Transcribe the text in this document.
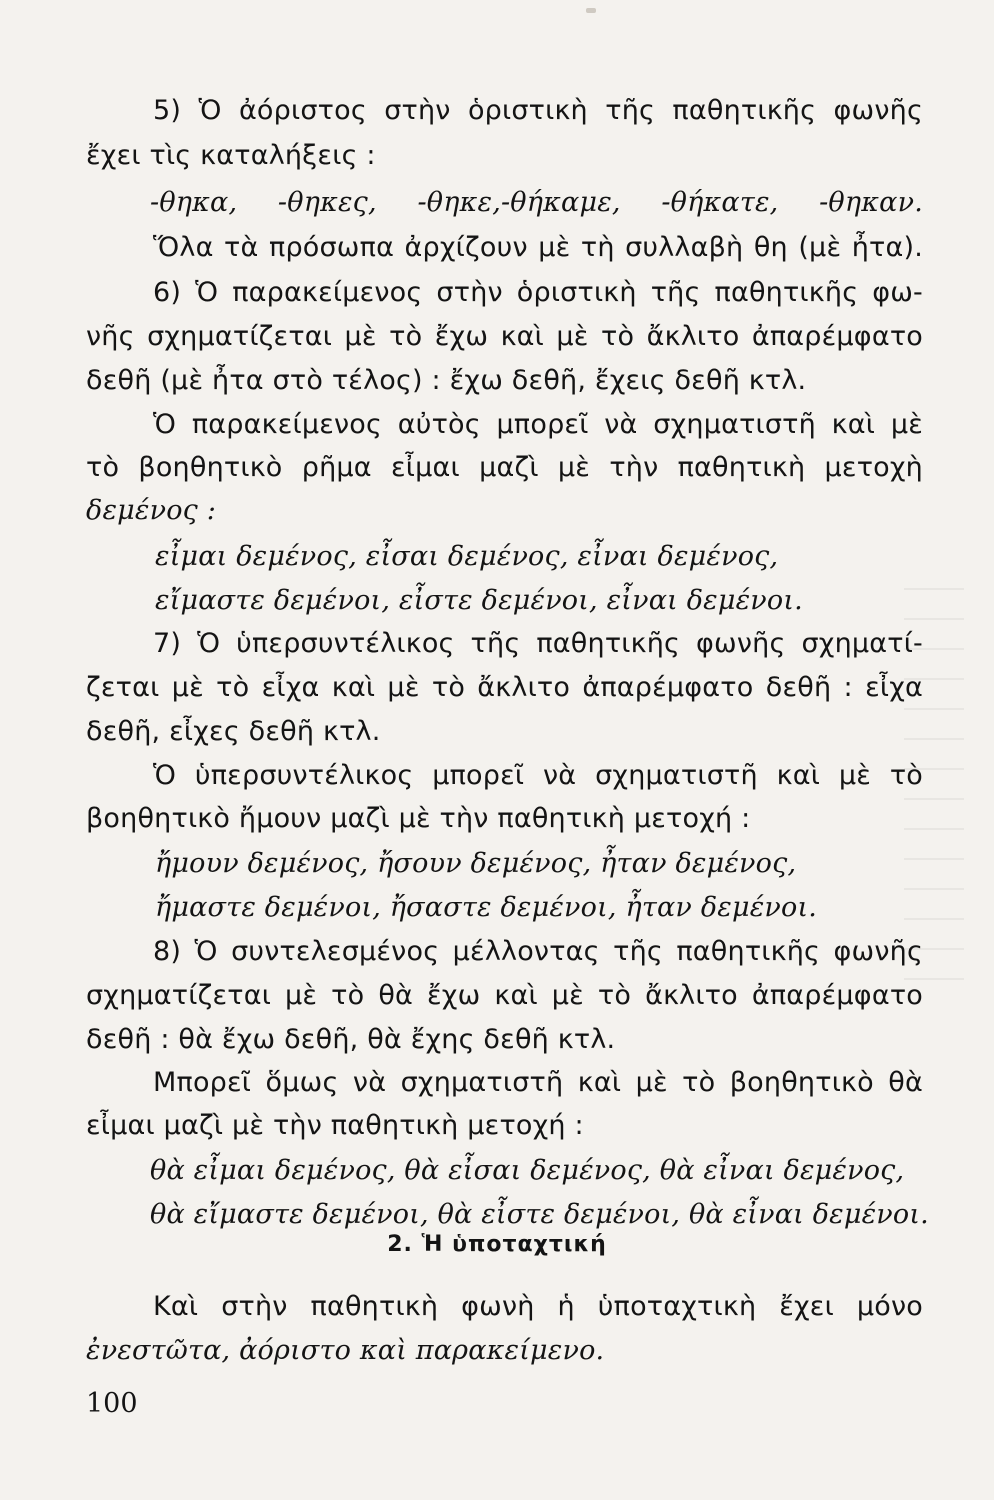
5) Ὁ ἀόριστος στὴν ὁριστικὴ τῆς παθητικῆς φωνῆς
ἔχει τὶς καταλήξεις :
-θηκα, -θηκες, -θηκε,-θήκαμε, -θήκατε, -θηκαν.
Ὅλα τὰ πρόσωπα ἀρχίζουν μὲ τὴ συλλαβὴ θη (μὲ ἦτα).
6) Ὁ παρακείμενος στὴν ὁριστικὴ τῆς παθητικῆς φω-
νῆς σχηματίζεται μὲ τὸ ἔχω καὶ μὲ τὸ ἄκλιτο ἀπαρέμφατο
δεθῆ (μὲ ἦτα στὸ τέλος) : ἔχω δεθῆ, ἔχεις δεθῆ κτλ.
Ὁ παρακείμενος αὐτὸς μπορεῖ νὰ σχηματιστῆ καὶ μὲ
τὸ βοηθητικὸ ρῆμα εἶμαι μαζὶ μὲ τὴν παθητικὴ μετοχὴ
δεμένος :
εἶμαι δεμένος, εἶσαι δεμένος, εἶναι δεμένος,
εἴμαστε δεμένοι, εἶστε δεμένοι, εἶναι δεμένοι.
7) Ὁ ὑπερσυντέλικος τῆς παθητικῆς φωνῆς σχηματί-
ζεται μὲ τὸ εἶχα καὶ μὲ τὸ ἄκλιτο ἀπαρέμφατο δεθῆ : εἶχα
δεθῆ, εἶχες δεθῆ κτλ.
Ὁ ὑπερσυντέλικος μπορεῖ νὰ σχηματιστῆ καὶ μὲ τὸ
βοηθητικὸ ἤμουν μαζὶ μὲ τὴν παθητικὴ μετοχή :
ἤμουν δεμένος, ἤσουν δεμένος, ἦταν δεμένος,
ἤμαστε δεμένοι, ἤσαστε δεμένοι, ἦταν δεμένοι.
8) Ὁ συντελεσμένος μέλλοντας τῆς παθητικῆς φωνῆς
σχηματίζεται μὲ τὸ θὰ ἔχω καὶ μὲ τὸ ἄκλιτο ἀπαρέμφατο
δεθῆ : θὰ ἔχω δεθῆ, θὰ ἔχης δεθῆ κτλ.
Μπορεῖ ὅμως νὰ σχηματιστῆ καὶ μὲ τὸ βοηθητικὸ θὰ
εἶμαι μαζὶ μὲ τὴν παθητικὴ μετοχή :
θὰ εἶμαι δεμένος, θὰ εἶσαι δεμένος, θὰ εἶναι δεμένος,
θὰ εἴμαστε δεμένοι, θὰ εἶστε δεμένοι, θὰ εἶναι δεμένοι.
2. Ἡ ὑποταχτική
Καὶ στὴν παθητικὴ φωνὴ ἡ ὑποταχτικὴ ἔχει μόνο
ἐνεστῶτα, ἀόριστο καὶ παρακείμενο.
100
